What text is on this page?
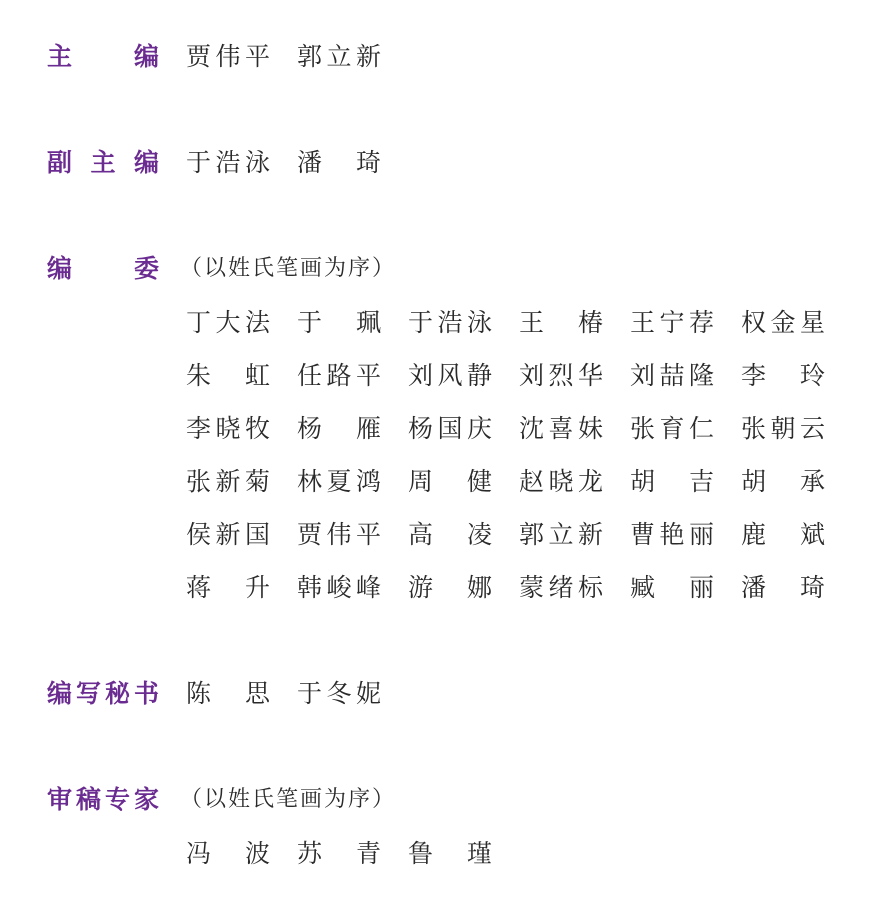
主 编 贾 伟 平 郭 立 新
副 主 编 于 浩 泳 潘 琦
编 委 （以姓氏笔画为序）
丁 大 法 于 珮 于 浩 泳 王 椿 王 宁 荐 权 金 星
朱 虹 任 路 平 刘 风 静 刘 烈 华 刘 喆 隆 李 玲
李 晓 牧 杨 雁 杨 国 庆 沈 喜 妹 张 育 仁 张 朝 云
张 新 菊 林 夏 鸿 周 健 赵 晓 龙 胡 吉 胡 承
侯 新 国 贾 伟 平 高 凌 郭 立 新 曹 艳 丽 鹿 斌
蒋 升 韩 峻 峰 游 娜 蒙 绪 标 臧 丽 潘 琦
编 写 秘 书 陈 思 于 冬 妮
审 稿 专 家 （以姓氏笔画为序）
冯 波 苏 青 鲁 瑾
